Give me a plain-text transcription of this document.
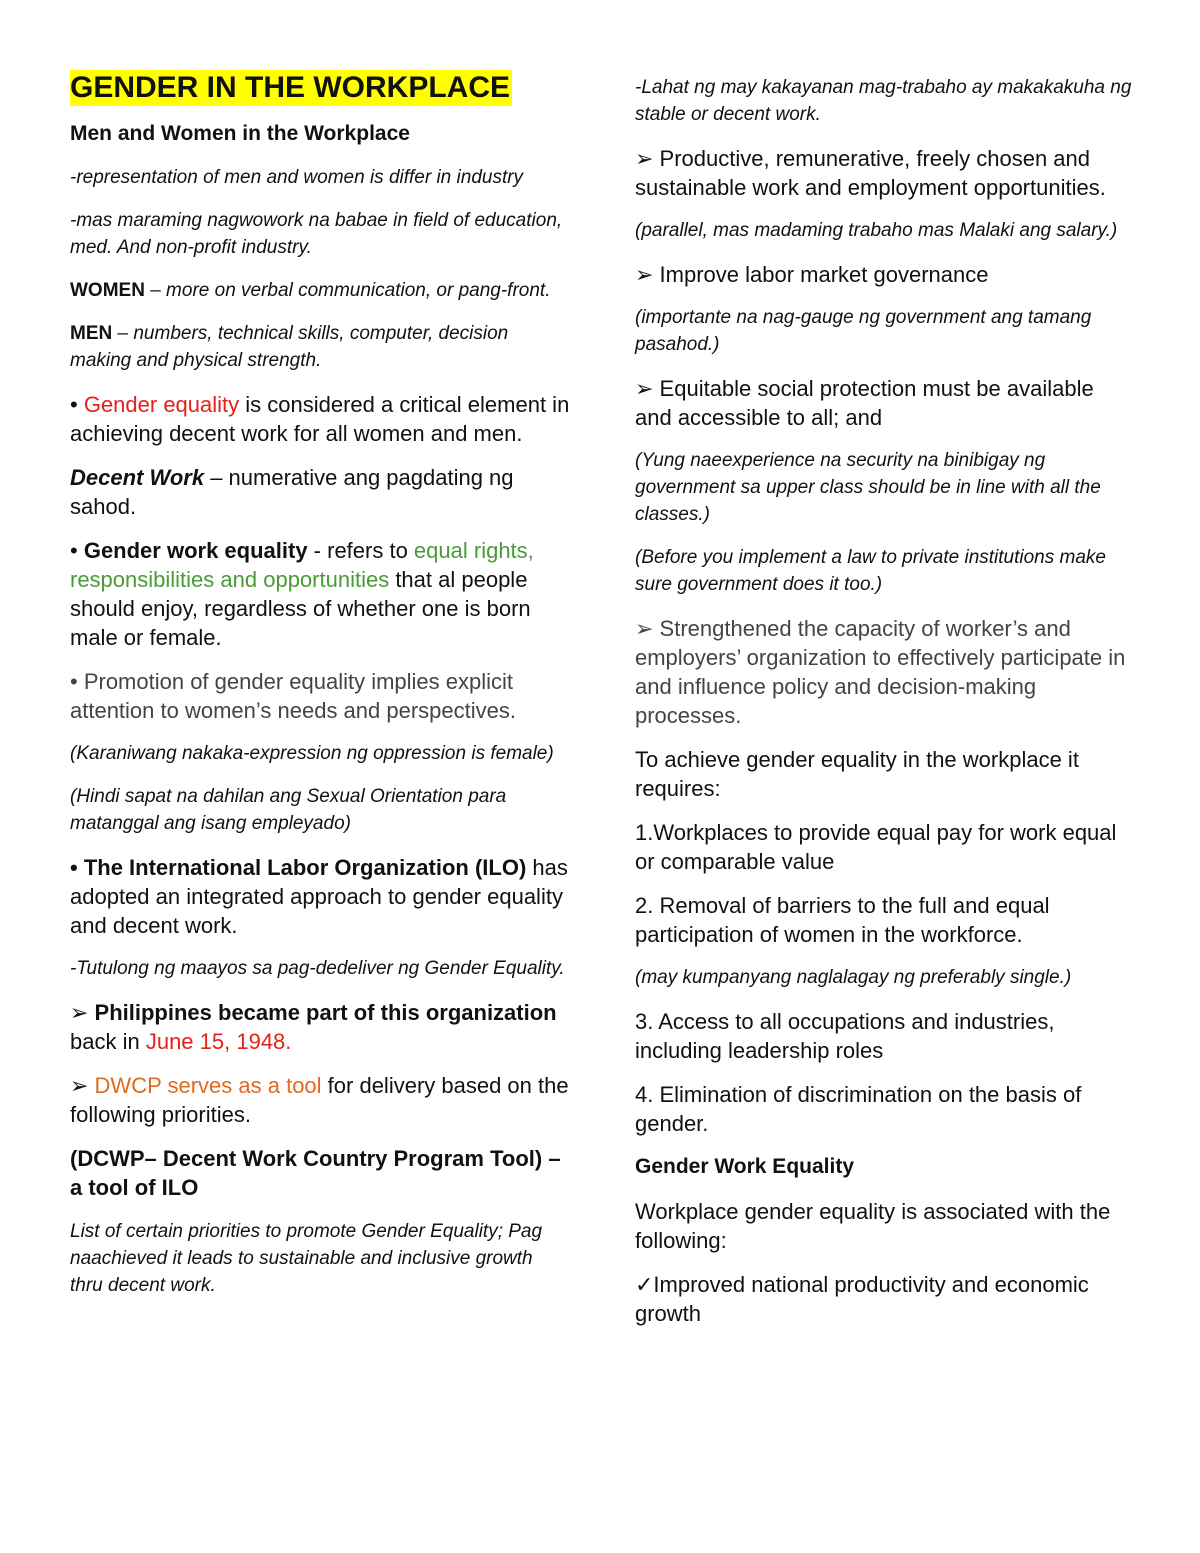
GENDER IN THE WORKPLACE

Men and Women in the Workplace

-representation of men and women is differ in industry

-mas maraming nagwowork na babae in field of education, med. And non-profit industry.

WOMEN – more on verbal communication, or pang-front.

MEN – numbers, technical skills, computer, decision making and physical strength.

• Gender equality is considered a critical element in achieving decent work for all women and men.

Decent Work – numerative ang pagdating ng sahod.

• Gender work equality - refers to equal rights, responsibilities and opportunities that al people should enjoy, regardless of whether one is born male or female.

• Promotion of gender equality implies explicit attention to women’s needs and perspectives.

(Karaniwang nakaka-expression ng oppression is female)

(Hindi sapat na dahilan ang Sexual Orientation para matanggal ang isang empleyado)

• The International Labor Organization (ILO) has adopted an integrated approach to gender equality and decent work.

-Tutulong ng maayos sa pag-dedeliver ng Gender Equality.

➢ Philippines became part of this organization back in June 15, 1948.

➢ DWCP serves as a tool for delivery based on the following priorities.

(DCWP– Decent Work Country Program Tool) – a tool of ILO

List of certain priorities to promote Gender Equality; Pag naachieved it leads to sustainable and inclusive growth thru decent work.

-Lahat ng may kakayanan mag-trabaho ay makakakuha ng stable or decent work.

➢ Productive, remunerative, freely chosen and sustainable work and employment opportunities.

(parallel, mas madaming trabaho mas Malaki ang salary.)

➢ Improve labor market governance

(importante na nag-gauge ng government ang tamang pasahod.)

➢ Equitable social protection must be available and accessible to all; and

(Yung naeexperience na security na binibigay ng government sa upper class should be in line with all the classes.)

(Before you implement a law to private institutions make sure government does it too.)

➢ Strengthened the capacity of worker’s and employers’ organization to effectively participate in and influence policy and decision-making processes.

To achieve gender equality in the workplace it requires:

1.Workplaces to provide equal pay for work equal or comparable value

2. Removal of barriers to the full and equal participation of women in the workforce.

(may kumpanyang naglalagay ng preferably single.)

3. Access to all occupations and industries, including leadership roles

4. Elimination of discrimination on the basis of gender.

Gender Work Equality

Workplace gender equality is associated with the following:

✓Improved national productivity and economic growth
